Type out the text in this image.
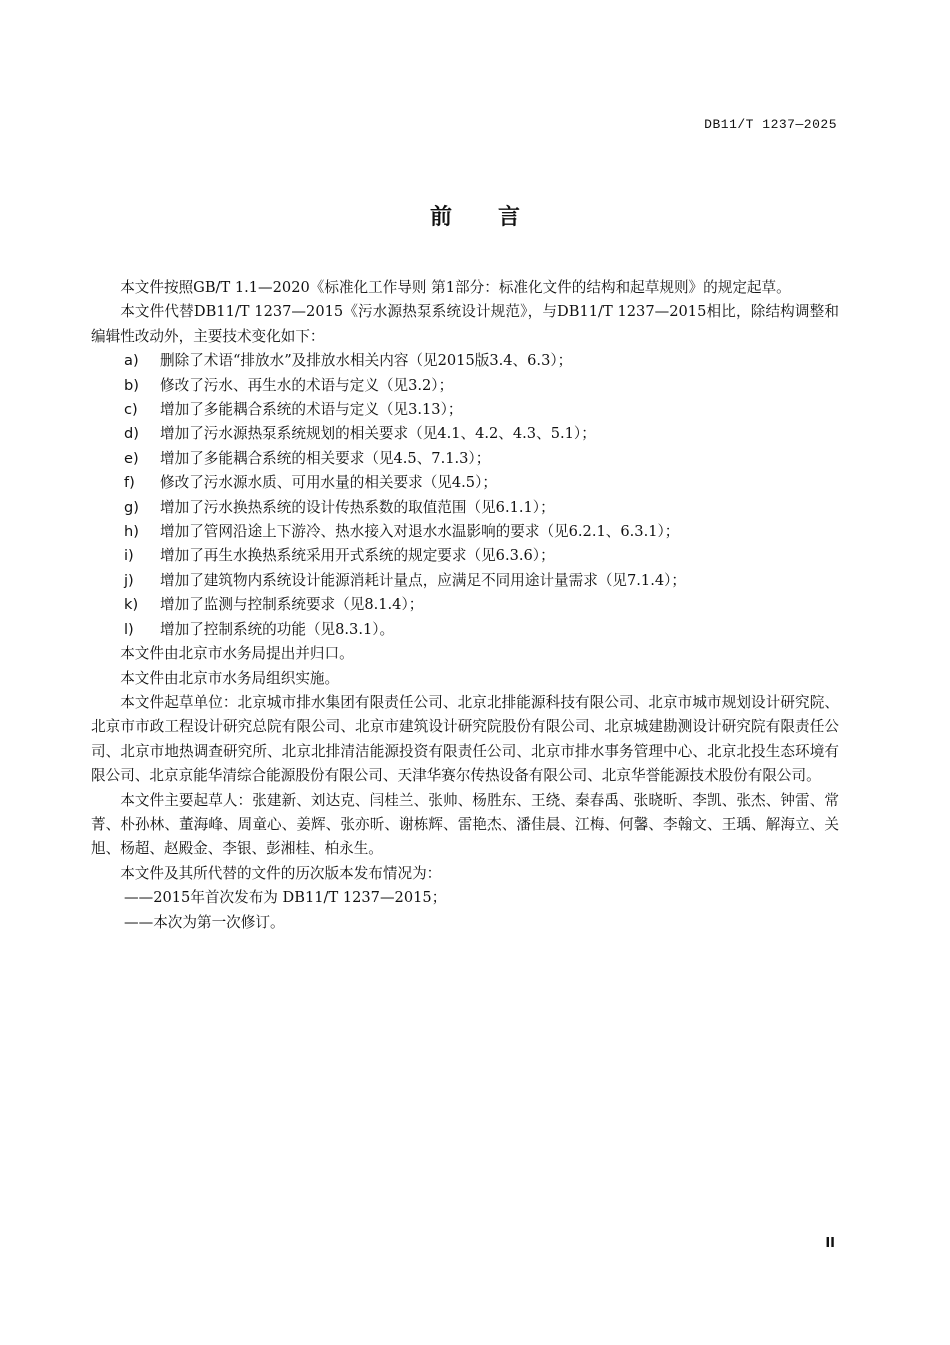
DB11/T 1237—2025
前言

本文件按照GB/T 1.1—2020《标准化工作导则 第1部分：标准化文件的结构和起草规则》的规定起草。

本文件代替DB11/T 1237—2015《污水源热泵系统设计规范》，与DB11/T 1237—2015相比，除结构调整和编辑性改动外，主要技术变化如下：

a) 删除了术语“排放水”及排放水相关内容（见2015版3.4、6.3）；

b) 修改了污水、再生水的术语与定义（见3.2）；

c) 增加了多能耦合系统的术语与定义（见3.13）；

d) 增加了污水源热泵系统规划的相关要求（见4.1、4.2、4.3、5.1）；

e) 增加了多能耦合系统的相关要求（见4.5、7.1.3）；

f) 修改了污水源水质、可用水量的相关要求（见4.5）；

g) 增加了污水换热系统的设计传热系数的取值范围（见6.1.1）；

h) 增加了管网沿途上下游冷、热水接入对退水水温影响的要求（见6.2.1、6.3.1）；

i) 增加了再生水换热系统采用开式系统的规定要求（见6.3.6）；

j) 增加了建筑物内系统设计能源消耗计量点，应满足不同用途计量需求（见7.1.4）；

k) 增加了监测与控制系统要求（见8.1.4）；

l) 增加了控制系统的功能（见8.3.1）。

本文件由北京市水务局提出并归口。

本文件由北京市水务局组织实施。

本文件起草单位：北京城市排水集团有限责任公司、北京北排能源科技有限公司、北京市城市规划设计研究院、北京市市政工程设计研究总院有限公司、北京市建筑设计研究院股份有限公司、北京城建勘测设计研究院有限责任公司、北京市地热调查研究所、北京北排清洁能源投资有限责任公司、北京市排水事务管理中心、北京北投生态环境有限公司、北京京能华清综合能源股份有限公司、天津华赛尔传热设备有限公司、北京华誉能源技术股份有限公司。

本文件主要起草人：张建新、刘达克、闫桂兰、张帅、杨胜东、王绕、秦春禹、张晓昕、李凯、张杰、钟雷、常菁、朴孙林、董海峰、周童心、姜辉、张亦昕、谢栋辉、雷艳杰、潘佳晨、江梅、何馨、李翰文、王瑀、解海立、关旭、杨超、赵殿金、李银、彭湘桂、柏永生。

本文件及其所代替的文件的历次版本发布情况为：

——2015年首次发布为 DB11/T 1237—2015；

——本次为第一次修订。

II
